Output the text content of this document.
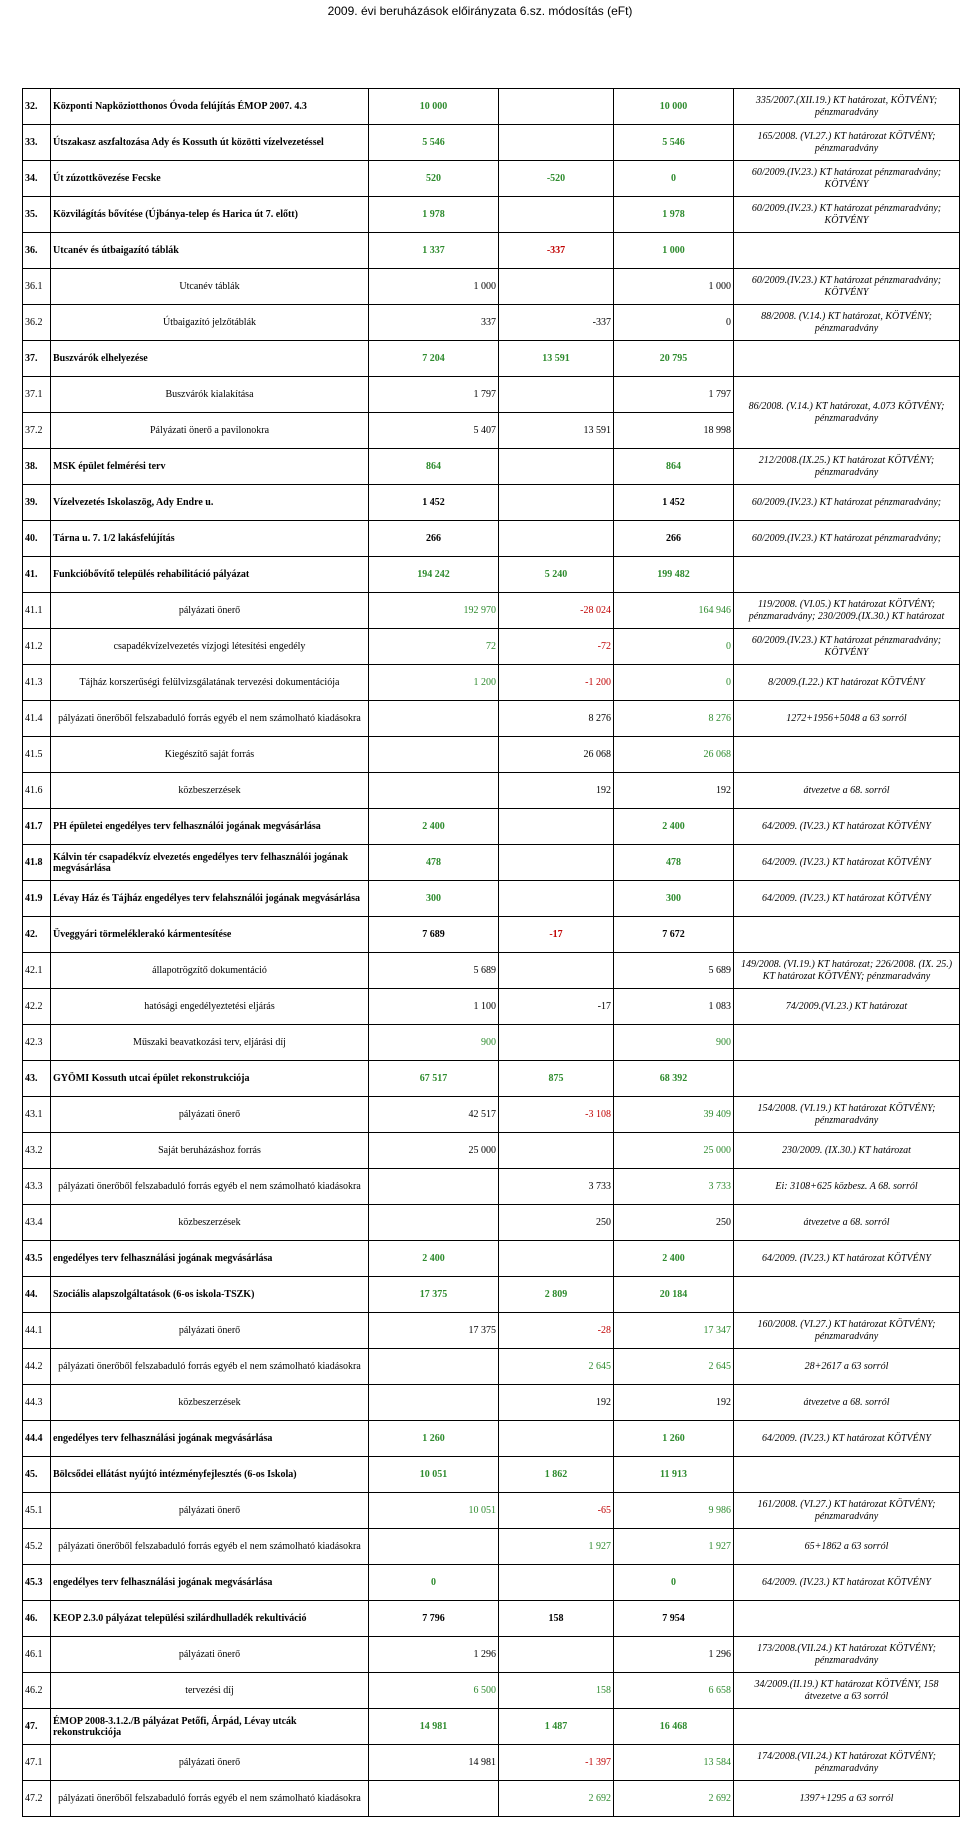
2009. évi beruházások előirányzata 6.sz. módosítás (eFt)
32.	Központi Napköziotthonos Óvoda felújítás ÉMOP 2007. 4.3	10 000		10 000	335/2007.(XII.19.) KT határozat, KÖTVÉNY; pénzmaradvány
33.	Útszakasz aszfaltozása Ady és Kossuth út közötti vízelvezetéssel	5 546		5 546	165/2008. (VI.27.) KT határozat KÖTVÉNY; pénzmaradvány
34.	Út zúzottkövezése Fecske	520	-520	0	60/2009.(IV.23.) KT határozat pénzmaradvány; KÖTVÉNY
35.	Közvilágítás bővítése (Újbánya-telep és Harica út 7. előtt)	1 978		1 978	60/2009.(IV.23.) KT határozat pénzmaradvány; KÖTVÉNY
36.	Utcanév és útbaigazító táblák	1 337	-337	1 000	
36.1	Utcanév táblák	1 000		1 000	60/2009.(IV.23.) KT határozat pénzmaradvány; KÖTVÉNY
36.2	Útbaigazító jelzőtáblák	337	-337	0	88/2008. (V.14.) KT határozat, KÖTVÉNY; pénzmaradvány
37.	Buszvárók elhelyezése	7 204	13 591	20 795	
37.1	Buszvárók kialakítása	1 797		1 797	86/2008. (V.14.) KT határozat, 4.073 KÖTVÉNY; pénzmaradvány
37.2	Pályázati önerő a pavilonokra	5 407	13 591	18 998	
38.	MSK épület felmérési terv	864		864	212/2008.(IX.25.) KT határozat KÖTVÉNY; pénzmaradvány
39.	Vízelvezetés Iskolaszög, Ady Endre u.	1 452		1 452	60/2009.(IV.23.) KT határozat pénzmaradvány;
40.	Tárna u. 7. 1/2 lakásfelújítás	266		266	60/2009.(IV.23.) KT határozat pénzmaradvány;
41.	Funkcióbővítő település rehabilitáció pályázat	194 242	5 240	199 482	
41.1	pályázati önerő	192 970	-28 024	164 946	119/2008. (VI.05.) KT határozat KÖTVÉNY; pénzmaradvány; 230/2009.(IX.30.) KT határozat
41.2	csapadékvízelvezetés vízjogi létesítési engedély	72	-72	0	60/2009.(IV.23.) KT határozat pénzmaradvány; KÖTVÉNY
41.3	Tájház korszerűségi felülvizsgálatának tervezési dokumentációja	1 200	-1 200	0	8/2009.(I.22.) KT határozat KÖTVÉNY
41.4	pályázati önerőből felszabaduló forrás egyéb el nem számolható kiadásokra		8 276	8 276	1272+1956+5048 a 63 sorról
41.5	Kiegészítő saját forrás		26 068	26 068	
41.6	közbeszerzések		192	192	átvezetve a 68. sorról
41.7	PH épületei engedélyes terv felhasználói jogának megvásárlása	2 400		2 400	64/2009. (IV.23.) KT határozat KÖTVÉNY
41.8	Kálvin tér csapadékvíz elvezetés engedélyes terv felhasználói jogának megvásárlása	478		478	64/2009. (IV.23.) KT határozat KÖTVÉNY
41.9	Lévay Ház és Tájház engedélyes terv felahsználói jogának megvásárlása	300		300	64/2009. (IV.23.) KT határozat KÖTVÉNY
42.	Üveggyári törmeléklerakó kármentesítése	7 689	-17	7 672	
42.1	állapotrögzítő dokumentáció	5 689		5 689	149/2008. (VI.19.) KT határozat; 226/2008. (IX. 25.) KT határozat KÖTVÉNY; pénzmaradvány
42.2	hatósági engedélyeztetési eljárás	1 100	-17	1 083	74/2009.(VI.23.) KT határozat
42.3	Műszaki beavatkozási terv, eljárási díj	900		900	
43.	GYÖMI Kossuth utcai épület rekonstrukciója	67 517	875	68 392	
43.1	pályázati önerő	42 517	-3 108	39 409	154/2008. (VI.19.) KT határozat KÖTVÉNY; pénzmaradvány
43.2	Saját beruházáshoz forrás	25 000		25 000	230/2009. (IX.30.) KT határozat
43.3	pályázati önerőből felszabaduló forrás egyéb el nem számolható kiadásokra		3 733	3 733	Ei: 3108+625 közbesz. A 68. sorról
43.4	közbeszerzések		250	250	átvezetve a 68. sorról
43.5	engedélyes terv felhasználási jogának megvásárlása	2 400		2 400	64/2009. (IV.23.) KT határozat KÖTVÉNY
44.	Szociális alapszolgáltatások (6-os iskola-TSZK)	17 375	2 809	20 184	
44.1	pályázati önerő	17 375	-28	17 347	160/2008. (VI.27.) KT határozat KÖTVÉNY; pénzmaradvány
44.2	pályázati önerőből felszabaduló forrás egyéb el nem számolható kiadásokra		2 645	2 645	28+2617 a 63 sorról
44.3	közbeszerzések		192	192	átvezetve a 68. sorról
44.4	engedélyes terv felhasználási jogának megvásárlása	1 260		1 260	64/2009. (IV.23.) KT határozat KÖTVÉNY
45.	Bölcsődei ellátást nyújtó intézményfejlesztés (6-os Iskola)	10 051	1 862	11 913	
45.1	pályázati önerő	10 051	-65	9 986	161/2008. (VI.27.) KT határozat KÖTVÉNY; pénzmaradvány
45.2	pályázati önerőből felszabaduló forrás egyéb el nem számolható kiadásokra		1 927	1 927	65+1862 a 63 sorról
45.3	engedélyes terv felhasználási jogának megvásárlása	0		0	64/2009. (IV.23.) KT határozat KÖTVÉNY
46.	KEOP 2.3.0 pályázat települési szilárdhulladék rekultiváció	7 796	158	7 954	
46.1	pályázati önerő	1 296		1 296	173/2008.(VII.24.) KT határozat KÖTVÉNY; pénzmaradvány
46.2	tervezési díj	6 500	158	6 658	34/2009.(II.19.) KT határozat KÖTVÉNY, 158 átvezetve a 63 sorról
47.	ÉMOP 2008-3.1.2./B pályázat Petőfi, Árpád, Lévay utcák rekonstrukciója	14 981	1 487	16 468	
47.1	pályázati önerő	14 981	-1 397	13 584	174/2008.(VII.24.) KT határozat KÖTVÉNY; pénzmaradvány
47.2	pályázati önerőből felszabaduló forrás egyéb el nem számolható kiadásokra		2 692	2 692	1397+1295 a 63 sorról
